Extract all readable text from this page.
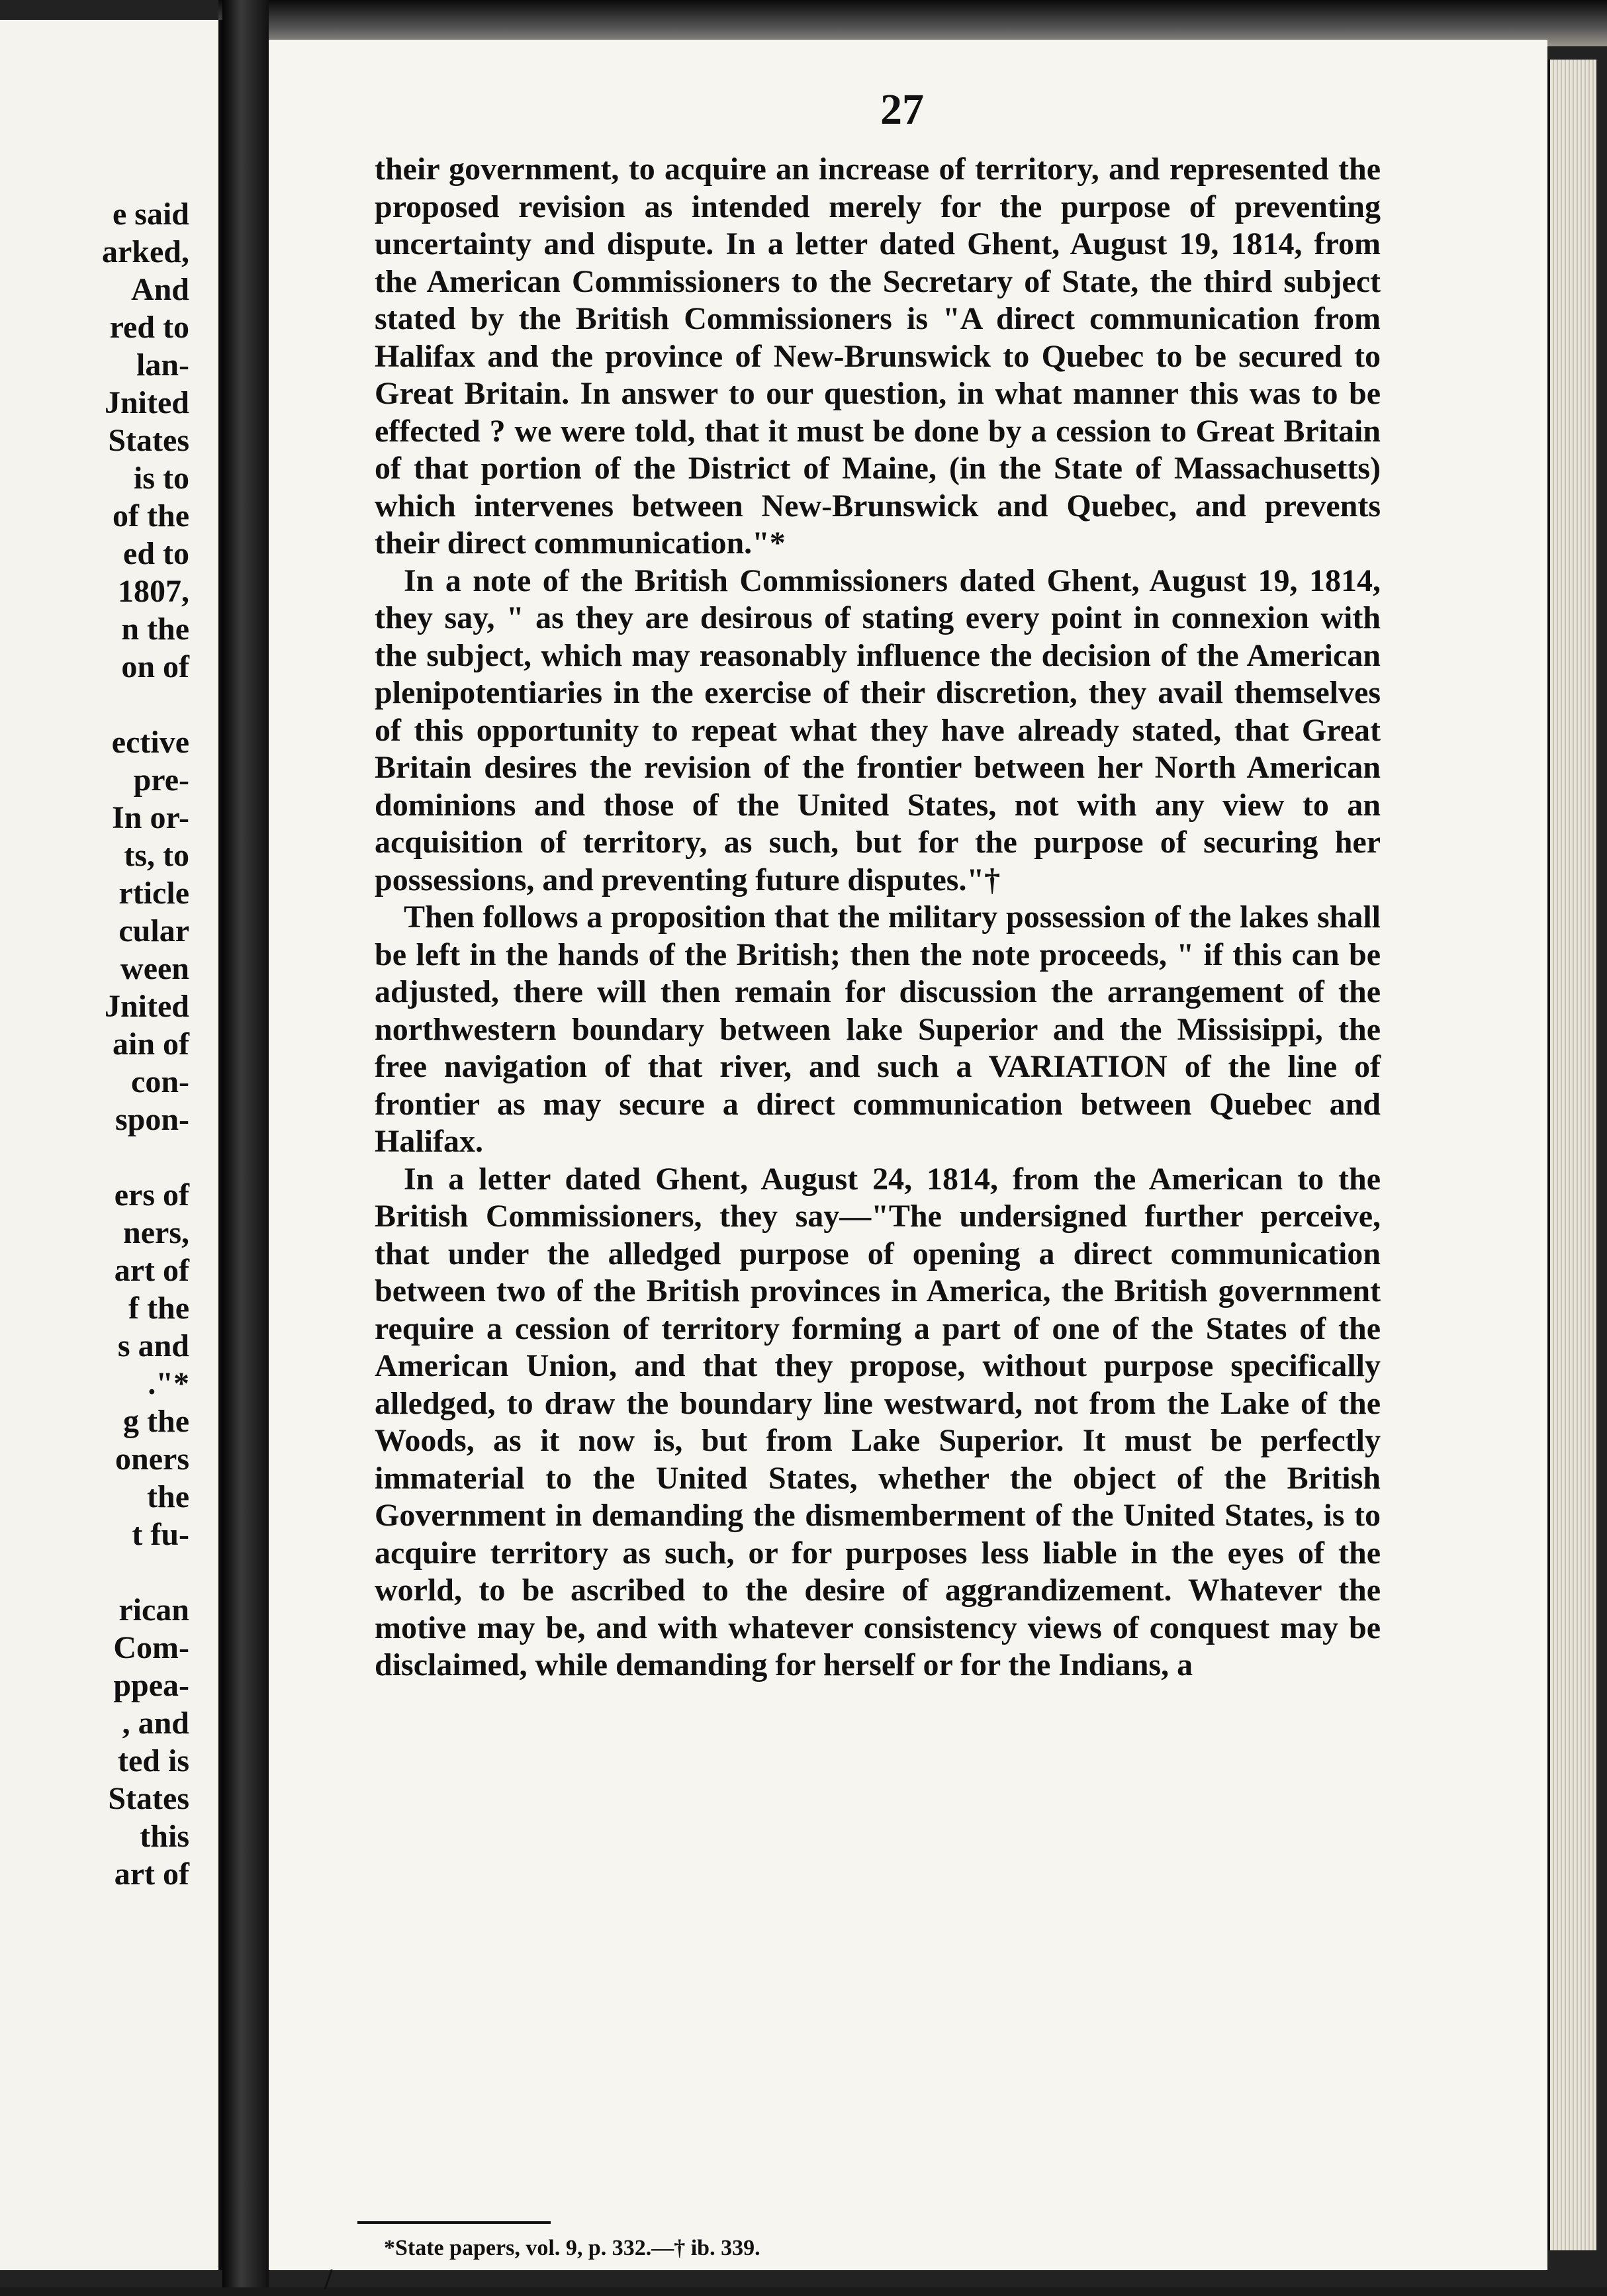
e said
arked,
And
red to
lan-
Jnited
States
is to
of the
ed to
1807,
n the
on of
ective
pre-
In or-
ts, to
rticle
cular
ween
Jnited
ain of
con-
spon-
ers of
ners,
art of
f the
s and
."*
g the
oners
the
t fu-
rican
Com-
ppea-
, and
ted is
States
this
art of
27

their government, to acquire an increase of territory, and represented the proposed revision as intended merely for the purpose of preventing uncertainty and dispute. In a letter dated Ghent, August 19, 1814, from the American Commissioners to the Secretary of State, the third subject stated by the British Commissioners is "A direct communication from Halifax and the province of New-Brunswick to Quebec to be secured to Great Britain. In answer to our question, in what manner this was to be effected ? we were told, that it must be done by a cession to Great Britain of that portion of the District of Maine, (in the State of Massachusetts) which intervenes between New-Brunswick and Quebec, and prevents their direct communication."*

In a note of the British Commissioners dated Ghent, August 19, 1814, they say, " as they are desirous of stating every point in connexion with the subject, which may reasonably influence the decision of the American plenipotentiaries in the exercise of their discretion, they avail themselves of this opportunity to repeat what they have already stated, that Great Britain desires the revision of the frontier between her North American dominions and those of the United States, not with any view to an acquisition of territory, as such, but for the purpose of securing her possessions, and preventing future disputes."†

Then follows a proposition that the military possession of the lakes shall be left in the hands of the British; then the note proceeds, " if this can be adjusted, there will then remain for discussion the arrangement of the northwestern boundary between lake Superior and the Missisippi, the free navigation of that river, and such a VARIATION of the line of frontier as may secure a direct communication between Quebec and Halifax.

In a letter dated Ghent, August 24, 1814, from the American to the British Commissioners, they say—"The undersigned further perceive, that under the alledged purpose of opening a direct communication between two of the British provinces in America, the British government require a cession of territory forming a part of one of the States of the American Union, and that they propose, without purpose specifically alledged, to draw the boundary line westward, not from the Lake of the Woods, as it now is, but from Lake Superior. It must be perfectly immaterial to the United States, whether the object of the British Government in demanding the dismemberment of the United States, is to acquire territory as such, or for purposes less liable in the eyes of the world, to be ascribed to the desire of aggrandizement. Whatever the motive may be, and with whatever consistency views of conquest may be disclaimed, while demanding for herself or for the Indians, a

*State papers, vol. 9, p. 332.—† ib. 339.
/
